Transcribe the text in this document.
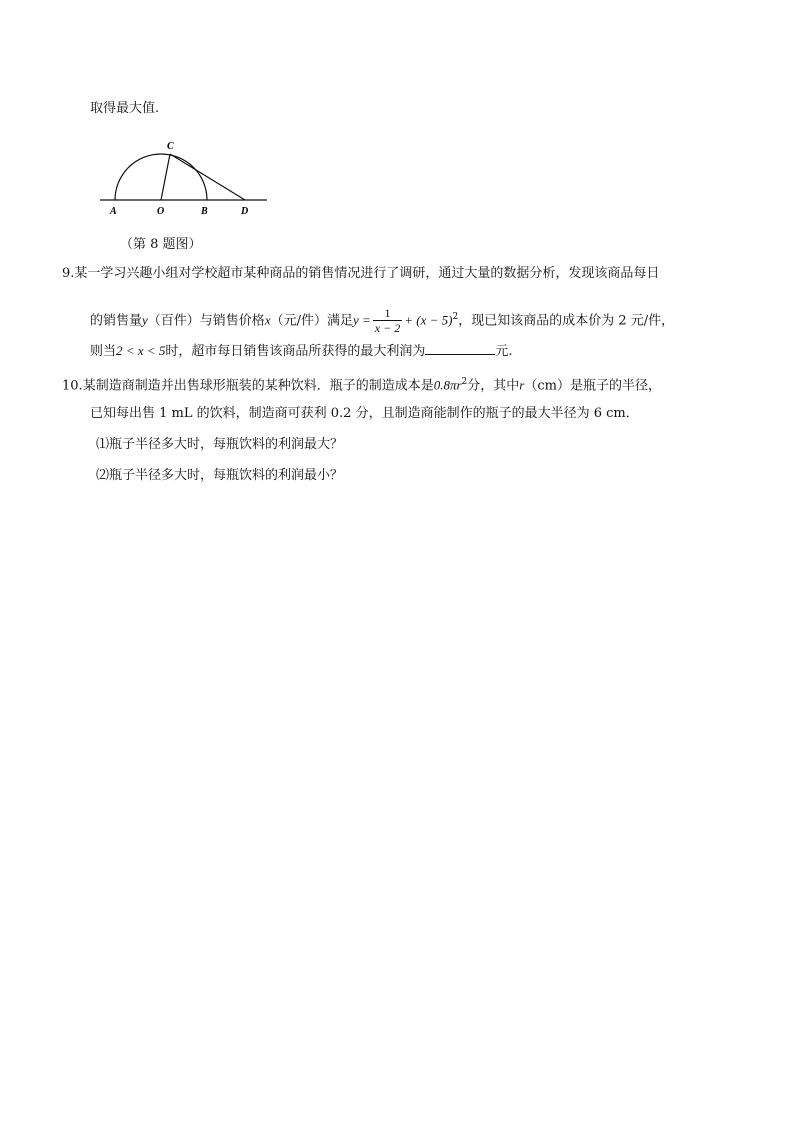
取得最大值.
C
A	O	B	D
（第 8 题图）
9.某一学习兴趣小组对学校超市某种商品的销售情况进行了调研，通过大量的数据分析，发现该商品每日
的销售量y（百件）与销售价格x（元/件）满足$y = \frac{1}{x - 2} + (x - 5)^2$，现已知该商品的成本价为 2 元/件，
则当2 < x < 5时，超市每日销售该商品所获得的最大利润为	元.
10.某制造商制造并出售球形瓶装的某种饮料．瓶子的制造成本是$0.8\pi r^2$分，其中r（cm）是瓶子的半径，
已知每出售 1 mL 的饮料，制造商可获利 0.2 分，且制造商能制作的瓶子的最大半径为 6 cm．
⑴瓶子半径多大时，每瓶饮料的利润最大？
⑵瓶子半径多大时，每瓶饮料的利润最小？
